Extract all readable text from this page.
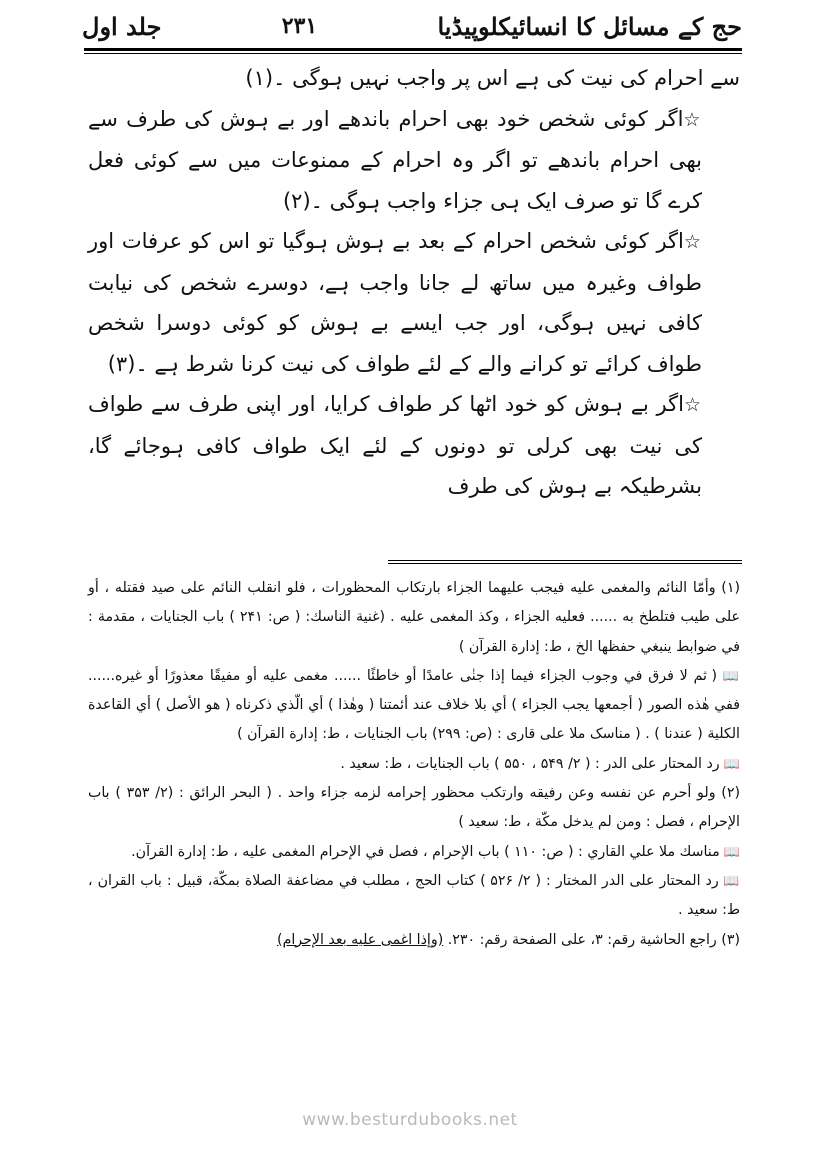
حج کے مسائل کا انسائیکلوپیڈیا
۲۳۱
جلد اول

سے احرام کی نیت کی ہے اس پر واجب نہیں ہوگی ۔(۱)

☆اگر کوئی شخص خود بھی احرام باندھے اور بے ہوش کی طرف سے بھی احرام باندھے تو اگر وہ احرام کے ممنوعات میں سے کوئی فعل کرے گا تو صرف ایک ہی جزاء واجب ہوگی ۔(۲)

☆اگر کوئی شخص احرام کے بعد بے ہوش ہوگیا تو اس کو عرفات اور طواف وغیرہ میں ساتھ لے جانا واجب ہے، دوسرے شخص کی نیابت کافی نہیں ہوگی، اور جب ایسے بے ہوش کو کوئی دوسرا شخص طواف کرائے تو کرانے والے کے لئے طواف کی نیت کرنا شرط ہے ۔(۳)

☆اگر بے ہوش کو خود اٹھا کر طواف کرایا، اور اپنی طرف سے طواف کی نیت بھی کرلی تو دونوں کے لئے ایک طواف کافی ہوجائے گا، بشرطیکہ بے ہوش کی طرف

(۱) وأمّا النائم والمغمى عليه فيجب عليهما الجزاء بارتكاب المحظورات ، فلو انقلب النائم على صيد فقتله ، أو على طيب فتلطخ به ...... فعليه الجزاء ، وكذ المغمى عليه . (غنية الناسك: ( ص: ۲۴۱ ) باب الجنايات ، مقدمة : في ضوابط ينبغي حفظها الخ ، ط: إدارة القرآن )

📖 ( ثم لا فرق في وجوب الجزاء فيما إذا جنٰى عامدًا أو خاطئًا ...... مغمى عليه أو مفيقًا معذورًا أو غيره...... ففي هٰذه الصور ( أجمعها يجب الجزاء ) أي بلا خلاف عند أئمتنا ( وهٰذا ) أي الّذي ذكرناه ( هو الأصل ) أي القاعدة الكلية ( عندنا ) . ( مناسک ملا علی قاری : (ص: ۲۹۹) باب الجنايات ، ط: إدارة القرآن )

📖 رد المحتار على الدر : ( ۲/ ۵۴۹ ، ۵۵۰ ) باب الجنايات ، ط: سعيد .

(۲) ولو أحرم عن نفسه وعن رفيقه وارتكب محظور إحرامه لزمه جزاء واحد . ( البحر الرائق : (۲/ ۳۵۳ ) باب الإحرام ، فصل : ومن لم يدخل مكّة ، ط: سعيد )

📖 مناسك ملا علي القاري : ( ص: ۱۱۰ ) باب الإحرام ، فصل في الإحرام المغمى عليه ، ط: إدارة القرآن.

📖 رد المحتار على الدر المختار : ( ۲/ ۵۲۶ ) كتاب الحج ، مطلب في مضاعفة الصلاة بمكّة، قبيل : باب القران ، ط: سعيد .

(۳) راجع الحاشية رقم: ۳، على الصفحة رقم: ۲۳۰. (وإذا اغمى عليه بعد الإحرام)

www.besturdubooks.net
